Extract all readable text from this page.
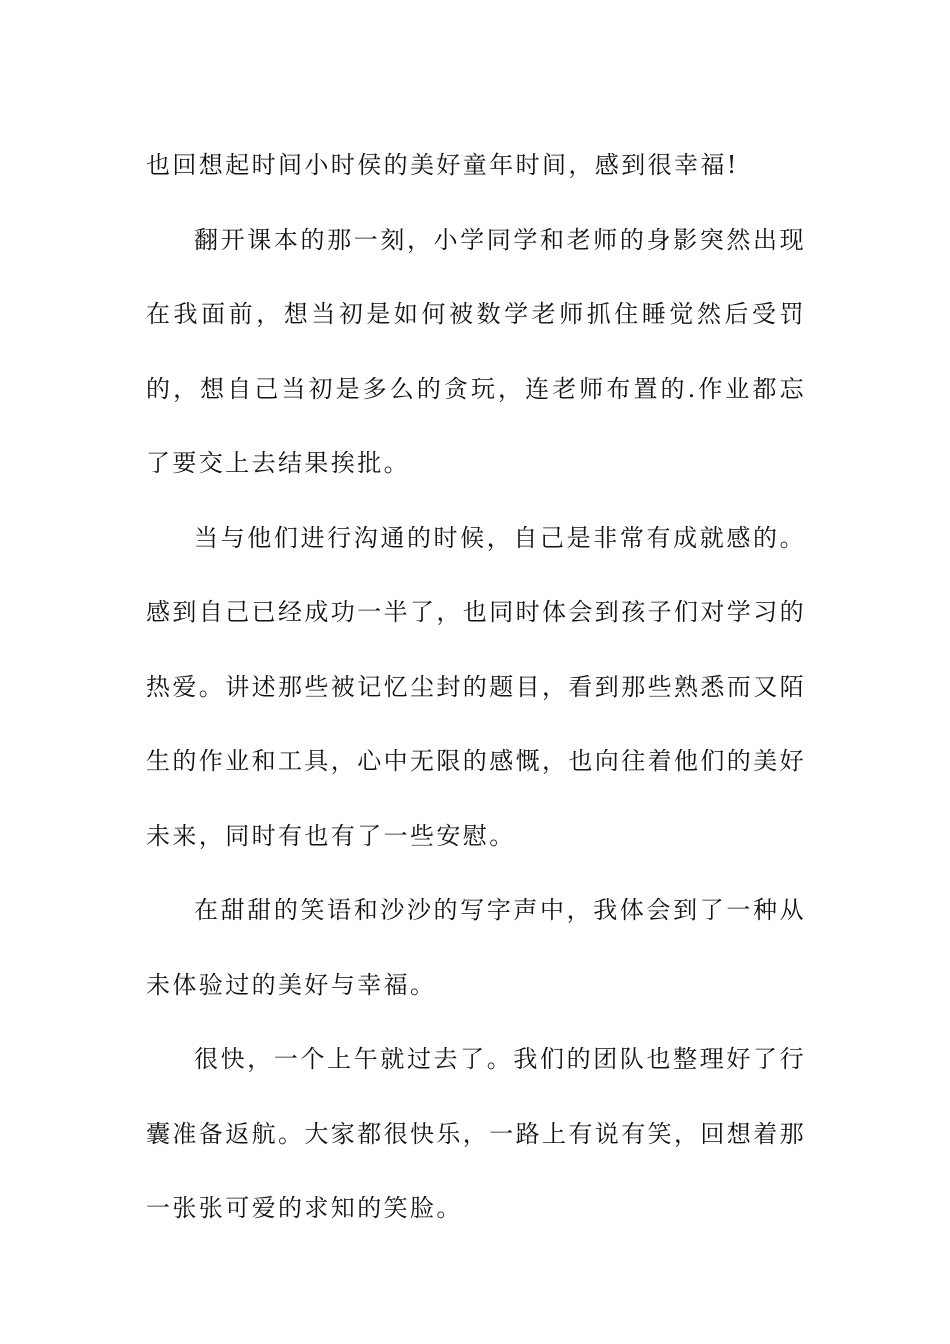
也回想起时间小时侯的美好童年时间，感到很幸福!

翻开课本的那一刻，小学同学和老师的身影突然出现在我面前，想当初是如何被数学老师抓住睡觉然后受罚的，想自己当初是多么的贪玩，连老师布置的.作业都忘了要交上去结果挨批。

当与他们进行沟通的时候，自己是非常有成就感的。感到自己已经成功一半了，也同时体会到孩子们对学习的热爱。讲述那些被记忆尘封的题目，看到那些熟悉而又陌生的作业和工具，心中无限的感慨，也向往着他们的美好未来，同时有也有了一些安慰。

在甜甜的笑语和沙沙的写字声中，我体会到了一种从未体验过的美好与幸福。

很快，一个上午就过去了。我们的团队也整理好了行囊准备返航。大家都很快乐，一路上有说有笑，回想着那一张张可爱的求知的笑脸。
